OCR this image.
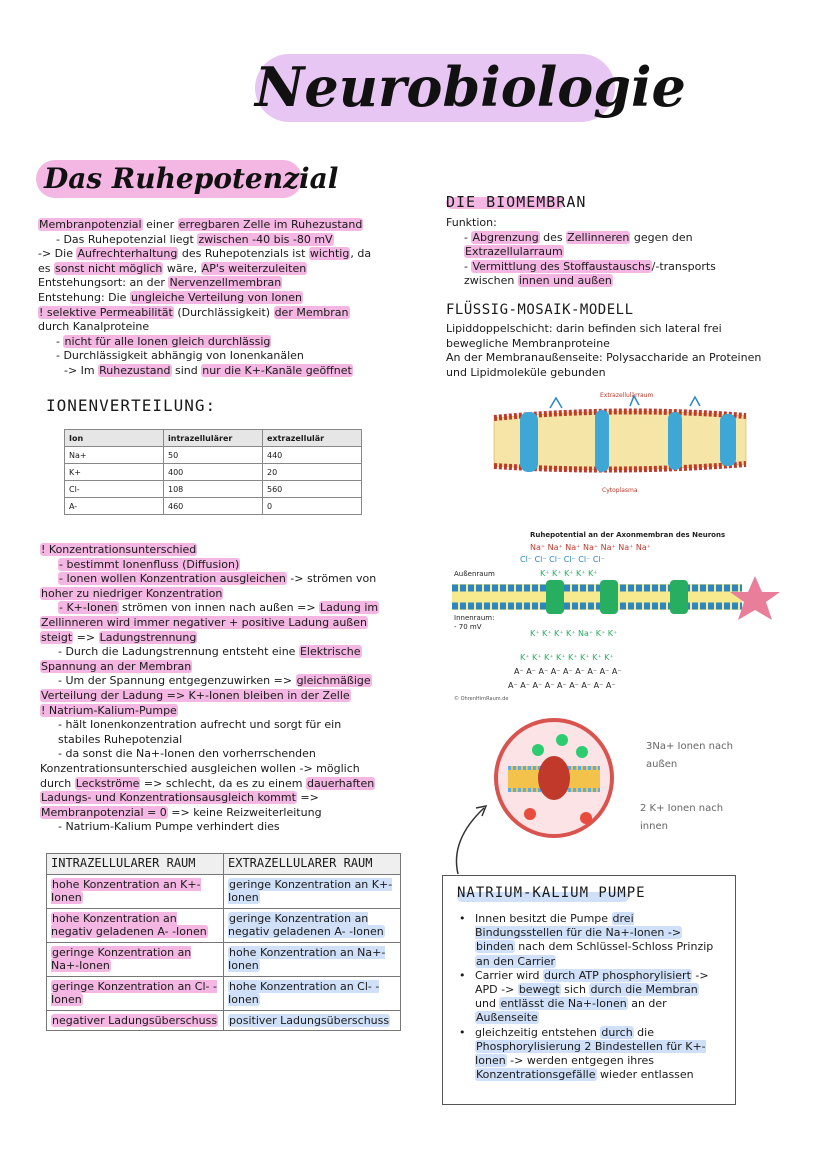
Neurobiologie
Das Ruhepotenzial
Membranpotenzial einer erregbaren Zelle im Ruhezustand
- Das Ruhepotenzial liegt zwischen -40 bis -80 mV
-> Die Aufrechterhaltung des Ruhepotenzials ist wichtig, da
es sonst nicht möglich wäre, AP's weiterzuleiten
Entstehungsort: an der Nervenzellmembran
Entstehung: Die ungleiche Verteilung von Ionen
! selektive Permeabilität (Durchlässigkeit) der Membran
durch Kanalproteine
- nicht für alle Ionen gleich durchlässig
- Durchlässigkeit abhängig von Ionenkanälen
-> Im Ruhezustand sind nur die K+-Kanäle geöffnet
IONENVERTEILUNG:
Ion	intrazellulärer	extrazellulär
Na+	50	440
K+	400	20
Cl-	108	560
A-	460	0
! Konzentrationsunterschied
- bestimmt Ionenfluss (Diffusion)
- Ionen wollen Konzentration ausgleichen -> strömen von
hoher zu niedriger Konzentration
- K+-Ionen strömen von innen nach außen => Ladung im
Zellinneren wird immer negativer + positive Ladung außen
steigt => Ladungstrennung
- Durch die Ladungstrennung entsteht eine Elektrische
Spannung an der Membran
- Um der Spannung entgegenzuwirken => gleichmäßige
Verteilung der Ladung => K+-Ionen bleiben in der Zelle
! Natrium-Kalium-Pumpe
- hält Ionenkonzentration aufrecht und sorgt für ein
stabiles Ruhepotenzial
- da sonst die Na+-Ionen den vorherrschenden
Konzentrationsunterschied ausgleichen wollen -> möglich
durch Leckströme => schlecht, da es zu einem dauerhaften
Ladungs- und Konzentrationsausgleich kommt =>
Membranpotenzial = 0 => keine Reizweiterleitung
- Natrium-Kalium Pumpe verhindert dies
INTRAZELLULARER RAUM	EXTRAZELLULARER RAUM
hohe Konzentration an K+-Ionen	geringe Konzentration an K+-Ionen
hohe Konzentration an negativ geladenen A- -Ionen	geringe Konzentration an negativ geladenen A- -Ionen
geringe Konzentration an Na+-Ionen	hohe Konzentration an Na+-Ionen
geringe Konzentration an Cl- -Ionen	hohe Konzentration an Cl- -Ionen
negativer Ladungsüberschuss	positiver Ladungsüberschuss
DIE BIOMEMBRAN
Funktion:
- Abgrenzung des Zellinneren gegen den
Extrazellularraum
- Vermittlung des Stoffaustauschs/-transports
zwischen innen und außen
FLÜSSIG-MOSAIK-MODELL
Lipiddoppelschicht: darin befinden sich lateral frei
bewegliche Membranproteine
An der Membranaußenseite: Polysaccharide an Proteinen
und Lipidmoleküle gebunden
Extrazellulärraum
Cytoplasma
Ruhepotential an der Axonmembran des Neurons
Außenraum
Innenraum:
- 70 mV
Na⁺ Na⁺ Na⁺ Na⁺ Na⁺ Na⁺ Na⁺
Cl⁻ Cl⁻ Cl⁻ Cl⁻ Cl⁻ Cl⁻
K⁺ K⁺ K⁺ K⁺ K⁺
K⁺ K⁺ K⁺ K⁺ Na⁺ K⁺ K⁺
K⁺ K⁺ K⁺ K⁺ K⁺ K⁺ K⁺ K⁺
A⁻ A⁻ A⁻ A⁻ A⁻ A⁻ A⁻ A⁻ A⁻
A⁻ A⁻ A⁻ A⁻ A⁻ A⁻ A⁻ A⁻ A⁻
© OhrenHirnRaum.de
3Na+ Ionen nach außen
2 K+ Ionen nach innen
NATRIUM-KALIUM PUMPE
• Innen besitzt die Pumpe drei Bindungsstellen für die Na+-Ionen -> binden nach dem Schlüssel-Schloss Prinzip an den Carrier
• Carrier wird durch ATP phosphorylisiert -> APD -> bewegt sich durch die Membran und entlässt die Na+-Ionen an der Außenseite
• gleichzeitig entstehen durch die Phosphorylisierung 2 Bindestellen für K+-Ionen -> werden entgegen ihres Konzentrationsgefälle wieder entlassen
